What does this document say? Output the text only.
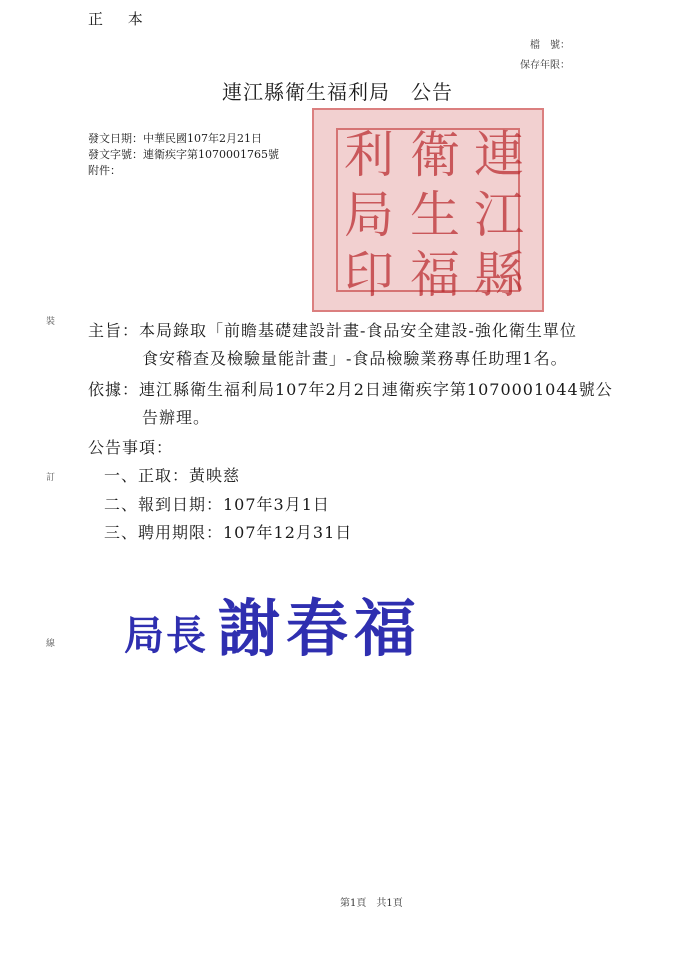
正 本
檔　號：
保存年限：
連江縣衛生福利局　公告
發文日期：中華民國107年2月21日
發文字號：連衛疾字第1070001765號
附件：	連
江
縣
衛
生
福
利
局
印
裝
訂
線
主旨：本局錄取「前瞻基礎建設計畫-食品安全建設-強化衛生單位
食安稽查及檢驗量能計畫」-食品檢驗業務專任助理1名。
依據：連江縣衛生福利局107年2月2日連衛疾字第1070001044號公
告辦理。
公告事項：
一、正取：黃映慈
二、報到日期：107年3月1日
三、聘用期限：107年12月31日
局長 謝春福
第1頁　共1頁
